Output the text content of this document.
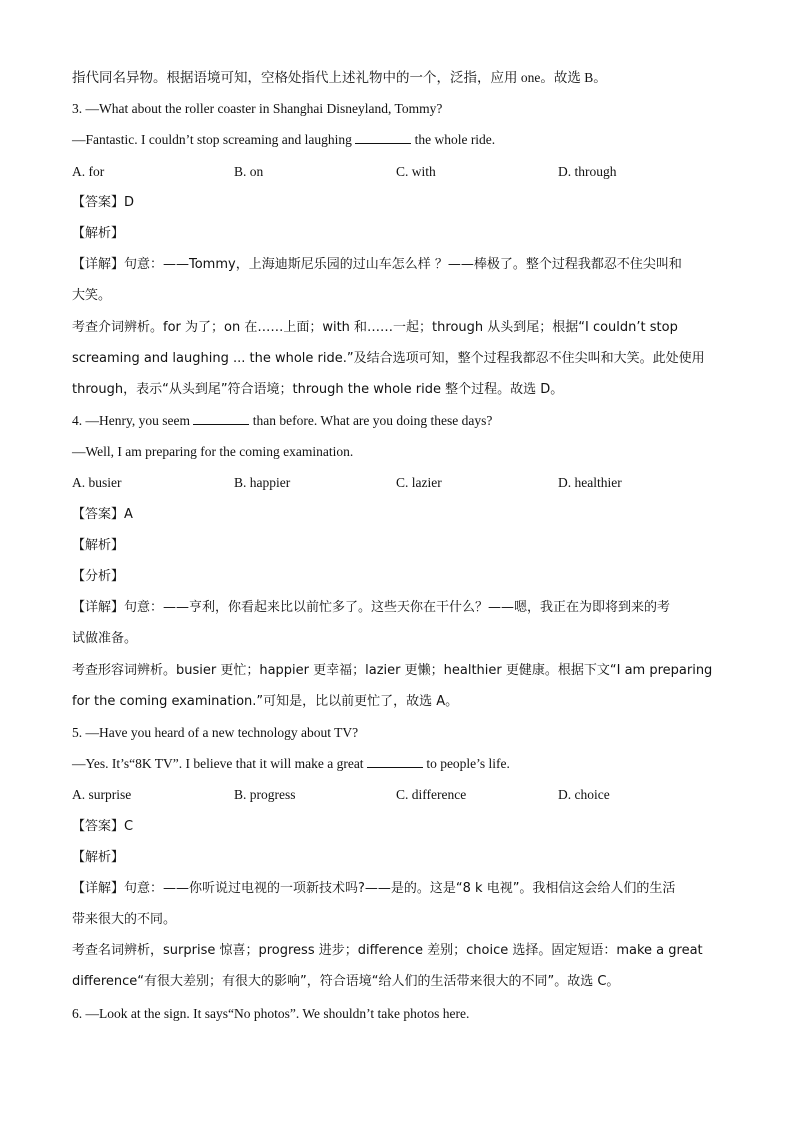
指代同名异物。根据语境可知，空格处指代上述礼物中的一个，泛指，应用 one。故选 B。
3. —What about the roller coaster in Shanghai Disneyland, Tommy?
—Fantastic. I couldn’t stop screaming and laughing	the whole ride.
A. for	B. on	C. with	D. through
【答案】D
【解析】
【详解】句意：——Tommy，上海迪斯尼乐园的过山车怎么样 ？——棒极了。整个过程我都忍不住尖叫和
大笑。
考查介词辨析。for 为了；on 在……上面；with 和……一起；through 从头到尾；根据“I couldn’t stop
screaming and laughing ... the whole ride.”及结合选项可知，整个过程我都忍不住尖叫和大笑。此处使用
through，表示“从头到尾”符合语境；through the whole ride 整个过程。故选 D。
4. —Henry, you seem	than before. What are you doing these days?
—Well, I am preparing for the coming examination.
A. busier	B. happier	C. lazier	D. healthier
【答案】A
【解析】
【分析】
【详解】句意：——亨利，你看起来比以前忙多了。这些天你在干什么？——嗯，我正在为即将到来的考
试做准备。
考查形容词辨析。busier 更忙；happier 更幸福；lazier 更懒；healthier 更健康。根据下文“I am preparing
for the coming examination.”可知是，比以前更忙了，故选 A。
5. —Have you heard of a new technology about TV?
—Yes. It’s“8K TV”. I believe that it will make a great	to people’s life.
A. surprise	B. progress	C. difference	D. choice
【答案】C
【解析】
【详解】句意：——你听说过电视的一项新技术吗?——是的。这是“8 k 电视”。我相信这会给人们的生活
带来很大的不同。
考查名词辨析，surprise 惊喜；progress 进步；difference 差别；choice 选择。固定短语：make a great
difference“有很大差别；有很大的影响”，符合语境“给人们的生活带来很大的不同”。故选 C。
6. —Look at the sign. It says“No photos”. We shouldn’t take photos here.
